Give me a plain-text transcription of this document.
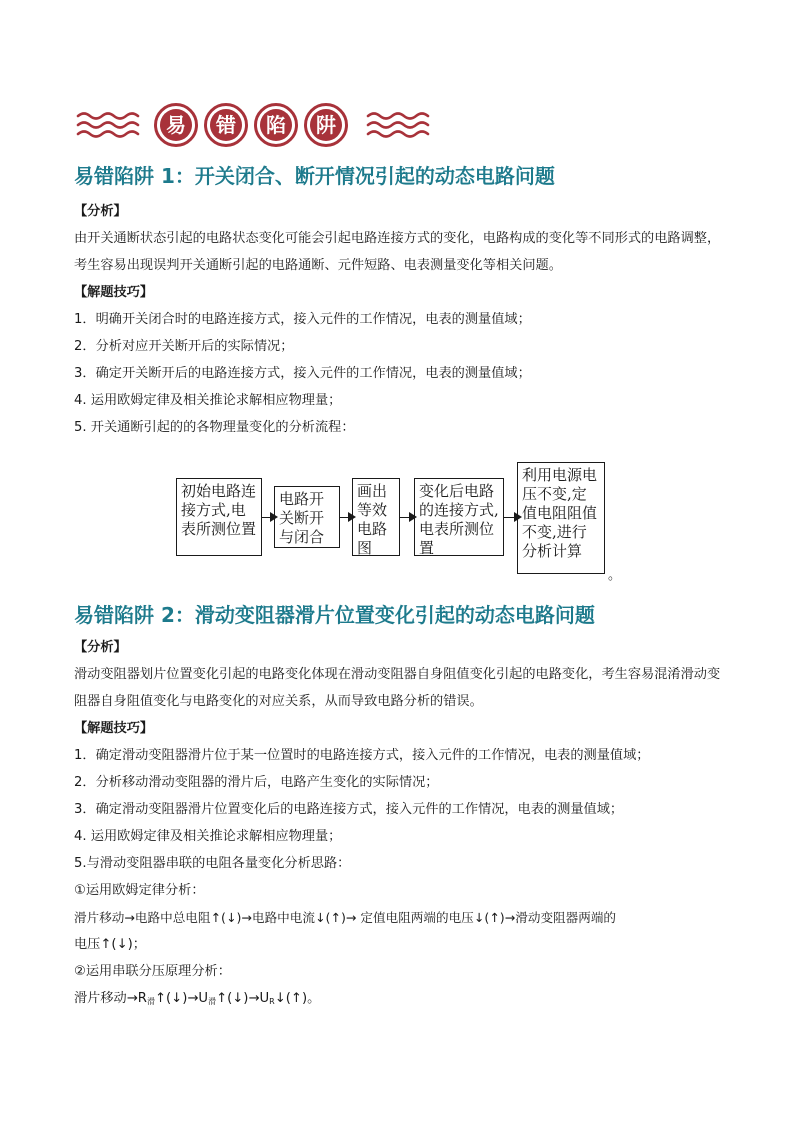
易	错	陷	阱
易错陷阱 1：开关闭合、断开情况引起的动态电路问题
【分析】
由开关通断状态引起的电路状态变化可能会引起电路连接方式的变化，电路构成的变化等不同形式的电路调整，考生容易出现误判开关通断引起的电路通断、元件短路、电表测量变化等相关问题。
【解题技巧】
1．明确开关闭合时的电路连接方式，接入元件的工作情况，电表的测量值域；
2．分析对应开关断开后的实际情况；
3．确定开关断开后的电路连接方式，接入元件的工作情况，电表的测量值域；
4. 运用欧姆定律及相关推论求解相应物理量；
5. 开关通断引起的的各物理量变化的分析流程：
初始电路连接方式,电表所测位置
电路开关断开与闭合
画出等效电路图
变化后电路的连接方式,电表所测位置
利用电源电压不变,定值电阻阻值不变,进行分析计算
。
易错陷阱 2：滑动变阻器滑片位置变化引起的动态电路问题
【分析】
滑动变阻器划片位置变化引起的电路变化体现在滑动变阻器自身阻值变化引起的电路变化，考生容易混淆滑动变阻器自身阻值变化与电路变化的对应关系，从而导致电路分析的错误。
【解题技巧】
1．确定滑动变阻器滑片位于某一位置时的电路连接方式，接入元件的工作情况，电表的测量值域；
2．分析移动滑动变阻器的滑片后，电路产生变化的实际情况；
3．确定滑动变阻器滑片位置变化后的电路连接方式，接入元件的工作情况，电表的测量值域；
4. 运用欧姆定律及相关推论求解相应物理量；
5.与滑动变阻器串联的电阻各量变化分析思路：
①运用欧姆定律分析：
滑片移动→电路中总电阻↑(↓)→电路中电流↓(↑)→ 定值电阻两端的电压↓(↑)→滑动变阻器两端的
电压↑(↓)；
②运用串联分压原理分析：
滑片移动$\to R_滑↑(↓)\to U_滑↑(↓)\to U_R↓(↑)$。
